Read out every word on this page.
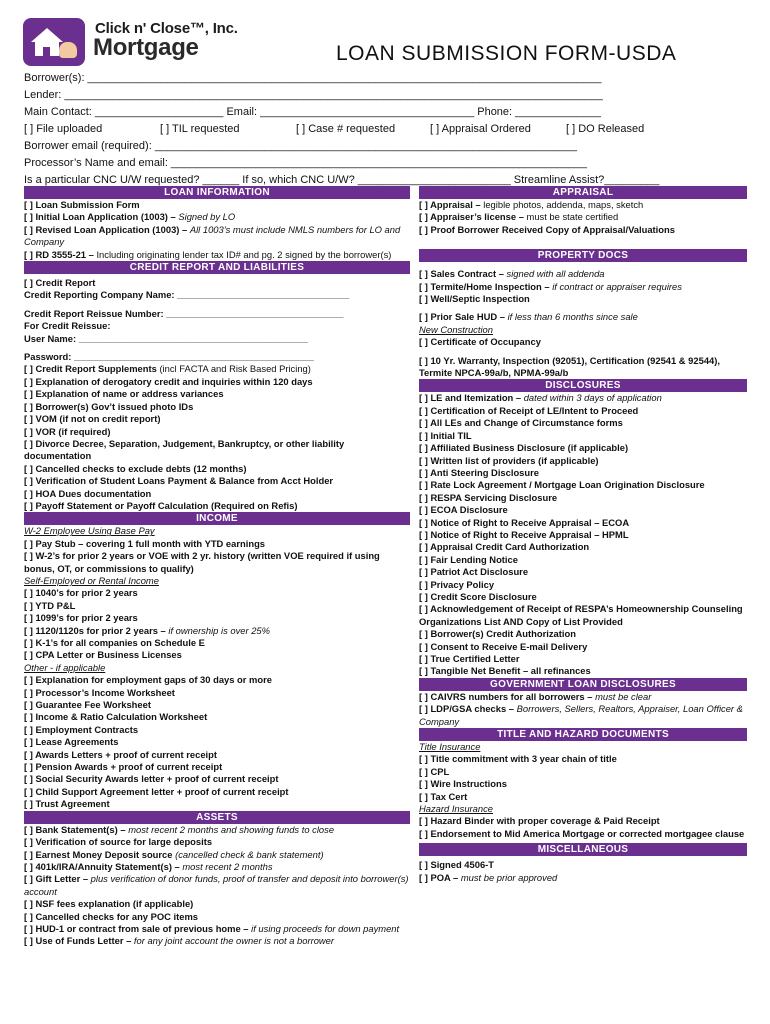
Click n' Close™, Inc.
Mortgage	LOAN SUBMISSION FORM-USDA
Borrower(s): ____________________________________________________________________________________
Lender: ________________________________________________________________________________________
Main Contact: _____________________ Email: ___________________________________ Phone: ______________
[ ] File uploaded	[ ] TIL requested	[ ] Case # requested	[ ] Appraisal Ordered	[ ] DO Released
Borrower email (required): _____________________________________________________________________
Processor’s Name and email: ____________________________________________________________________
Is a particular CNC U/W requested? ______ If so, which CNC U/W? _________________________ Streamline Assist?_________
LOAN INFORMATION
[ ] Loan Submission Form
[ ] Initial Loan Application (1003) – Signed by LO
[ ] Revised Loan Application (1003) – All 1003’s must include NMLS numbers for LO and Company
[ ] RD 3555-21 – Including originating lender tax ID# and pg. 2 signed by the borrower(s)
CREDIT REPORT AND LIABILITIES
[ ] Credit Report
Credit Reporting Company Name: _________________________________
Credit Report Reissue Number: __________________________________
For Credit Reissue:
User Name: ____________________________________________
Password: ______________________________________________
[ ] Credit Report Supplements (incl FACTA and Risk Based Pricing)
[ ] Explanation of derogatory credit and inquiries within 120 days
[ ] Explanation of name or address variances
[ ] Borrower(s) Gov’t issued photo IDs
[ ] VOM (if not on credit report)
[ ] VOR (if required)
[ ] Divorce Decree, Separation, Judgement, Bankruptcy, or other liability documentation
[ ] Cancelled checks to exclude debts (12 months)
[ ] Verification of Student Loans Payment & Balance from Acct Holder
[ ] HOA Dues documentation
[ ] Payoff Statement or Payoff Calculation (Required on Refis)
INCOME
W-2 Employee Using Base Pay
[ ] Pay Stub – covering 1 full month with YTD earnings
[ ] W-2’s for prior 2 years or VOE with 2 yr. history (written VOE required if using bonus, OT, or commissions to qualify)
Self-Employed or Rental Income
[ ] 1040’s for prior 2 years
[ ] YTD P&L
[ ] 1099’s for prior 2 years
[ ] 1120/1120s for prior 2 years – if ownership is over 25%
[ ] K-1’s for all companies on Schedule E
[ ] CPA Letter or Business Licenses
Other - if applicable
[ ] Explanation for employment gaps of 30 days or more
[ ] Processor’s Income Worksheet
[ ] Guarantee Fee Worksheet
[ ] Income & Ratio Calculation Worksheet
[ ] Employment Contracts
[ ] Lease Agreements
[ ] Awards Letters + proof of current receipt
[ ] Pension Awards + proof of current receipt
[ ] Social Security Awards letter + proof of current receipt
[ ] Child Support Agreement letter + proof of current receipt
[ ] Trust Agreement
ASSETS
[ ] Bank Statement(s) – most recent 2 months and showing funds to close
[ ] Verification of source for large deposits
[ ] Earnest Money Deposit source (cancelled check & bank statement)
[ ] 401k/IRA/Annuity Statement(s) – most recent 2 months
[ ] Gift Letter – plus verification of donor funds, proof of transfer and deposit into borrower(s) account
[ ] NSF fees explanation (if applicable)
[ ] Cancelled checks for any POC items
[ ] HUD-1 or contract from sale of previous home – if using proceeds for down payment
[ ] Use of Funds Letter – for any joint account the owner is not a borrower
APPRAISAL
[ ] Appraisal – legible photos, addenda, maps, sketch
[ ] Appraiser’s license – must be state certified
[ ] Proof Borrower Received Copy of Appraisal/Valuations
PROPERTY DOCS
[ ] Sales Contract – signed with all addenda
[ ] Termite/Home Inspection – if contract or appraiser requires
[ ] Well/Septic Inspection
[ ] Prior Sale HUD – if less than 6 months since sale
New Construction
[ ] Certificate of Occupancy
[ ] 10 Yr. Warranty, Inspection (92051), Certification (92541 & 92544), Termite NPCA-99a/b, NPMA-99a/b
DISCLOSURES
[ ] LE and Itemization – dated within 3 days of application
[ ] Certification of Receipt of LE/Intent to Proceed
[ ] All LEs and Change of Circumstance forms
[ ] Initial TIL
[ ] Affiliated Business Disclosure (if applicable)
[ ] Written list of providers (if applicable)
[ ] Anti Steering Disclosure
[ ] Rate Lock Agreement / Mortgage Loan Origination Disclosure
[ ] RESPA Servicing Disclosure
[ ] ECOA Disclosure
[ ] Notice of Right to Receive Appraisal – ECOA
[ ] Notice of Right to Receive Appraisal – HPML
[ ] Appraisal Credit Card Authorization
[ ] Fair Lending Notice
[ ] Patriot Act Disclosure
[ ] Privacy Policy
[ ] Credit Score Disclosure
[ ] Acknowledgement of Receipt of RESPA’s Homeownership Counseling Organizations List AND Copy of List Provided
[ ] Borrower(s) Credit Authorization
[ ] Consent to Receive E-mail Delivery
[ ] True Certified Letter
[ ] Tangible Net Benefit – all refinances
GOVERNMENT LOAN DISCLOSURES
[ ] CAIVRS numbers for all borrowers – must be clear
[ ] LDP/GSA checks – Borrowers, Sellers, Realtors, Appraiser, Loan Officer & Company
TITLE AND HAZARD DOCUMENTS
Title Insurance
[ ] Title commitment with 3 year chain of title
[ ] CPL
[ ] Wire Instructions
[ ] Tax Cert
Hazard Insurance
[ ] Hazard Binder with proper coverage & Paid Receipt
[ ] Endorsement to Mid America Mortgage or corrected mortgagee clause
MISCELLANEOUS
[ ] Signed 4506-T
[ ] POA – must be prior approved
